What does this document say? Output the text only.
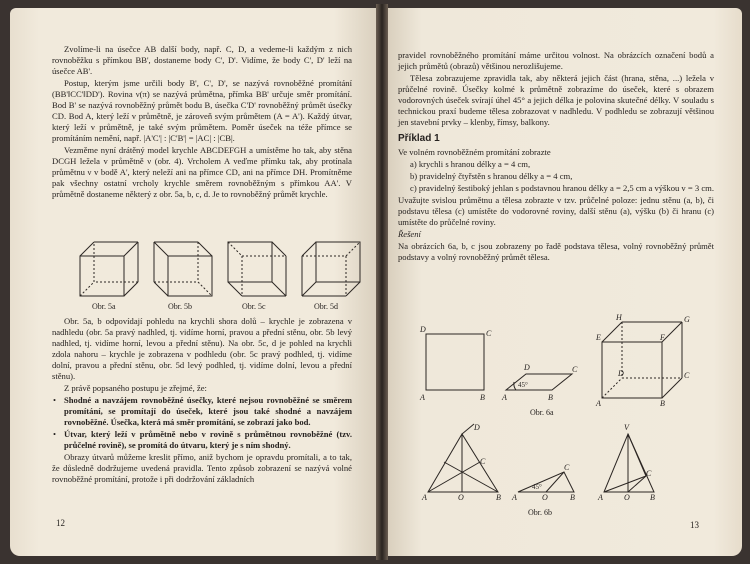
Zvolíme-li na úsečce AB další body, např. C, D, a vedeme-li každým z nich rovnoběžku s přímkou BB', dostaneme body C', D'. Vidíme, že body C', D' leží na úsečce AB'.

Postup, kterým jsme určili body B', C', D', se nazývá rovnoběžné promítání (BB'‖CC'‖DD'). Rovina ν(π) se nazývá průmětna, přímka BB' určuje směr promítání. Bod B' se nazývá rovnoběžný průmět bodu B, úsečka C'D' rovnoběžný průmět úsečky CD. Bod A, který leží v průmětně, je zároveň svým průmětem (A = A'). Každý útvar, který leží v průmětně, je také svým průmětem. Poměr úseček na téže přímce se promítáním nemění, např. |A'C'| : |C'B'| = |AC| : |CB|.

Vezměme nyní drátěný model krychle ABCDEFGH a umístěme ho tak, aby stěna DCGH ležela v průmětně ν (obr. 4). Vrcholem A veďme přímku tak, aby protínala průmětnu ν v bodě A', který neleží ani na přímce CD, ani na přímce DH. Promítněme pak všechny ostatní vrcholy krychle směrem rovnoběžným s přímkou AA'. V průmětně dostaneme některý z obr. 5a, b, c, d. Je to rovnoběžný průmět krychle.

Obr. 5a	Obr. 5b	Obr. 5c	Obr. 5d

Obr. 5a, b odpovídají pohledu na krychli shora dolů – krychle je zobrazena v nadhledu (obr. 5a pravý nadhled, tj. vidíme horní, pravou a přední stěnu, obr. 5b levý nadhled, tj. vidíme horní, levou a přední stěnu). Na obr. 5c, d je pohled na krychli zdola nahoru – krychle je zobrazena v podhledu (obr. 5c pravý podhled, tj. vidíme dolní, pravou a přední stěnu, obr. 5d levý podhled, tj. vidíme dolní, levou a přední stěnu).

Z právě popsaného postupu je zřejmé, že:

• Shodné a navzájem rovnoběžné úsečky, které nejsou rovnoběžné se směrem promítání, se promítají do úseček, které jsou také shodné a navzájem rovnoběžné. Úsečka, která má směr promítání, se zobrazí jako bod.

• Útvar, který leží v průmětně nebo v rovině s průmětnou rovnoběžné (tzv. průčelné rovině), se promítá do útvaru, který je s ním shodný.

Obrazy útvarů můžeme kreslit přímo, aniž bychom je opravdu promítali, a to tak, že důsledně dodržujeme uvedená pravidla. Tento způsob zobrazení se nazývá volné rovnoběžné promítání, protože i při dodržování základních

12

pravidel rovnoběžného promítání máme určitou volnost. Na obrázcích označení bodů a jejich průmětů (obrazů) většinou nerozlišujeme.

Tělesa zobrazujeme zpravidla tak, aby některá jejich část (hrana, stěna, ...) ležela v průčelné rovině. Úsečky kolmé k průmětně zobrazíme do úseček, které s obrazem vodorovných úseček svírají úhel 45° a jejich délka je polovina skutečné délky. V souladu s technickou praxí budeme tělesa zobrazovat v nadhledu. V podhledu se zobrazují většinou jen stavební prvky – klenby, římsy, balkony.

Příklad 1

Ve volném rovnoběžném promítání zobrazte

a) krychli s hranou délky a = 4 cm,

b) pravidelný čtyřstěn s hranou délky a = 4 cm,

c) pravidelný šestiboký jehlan s podstavnou hranou délky a = 2,5 cm a výškou v = 3 cm.

Uvažujte svislou průmětnu a tělesa zobrazte v tzv. průčelné poloze: jednu stěnu (a, b), či podstavu tělesa (c) umístěte do vodorovné roviny, další stěnu (a), výšku (b) či hranu (c) umístěte do průčelné roviny.

Řešení

Na obrázcích 6a, b, c jsou zobrazeny po řadě podstava tělesa, volný rovnoběžný průmět podstavy a volný rovnoběžný průmět tělesa.

D	C
A	B
D	C
A	B
E	F
H	G
A	B
D	C
45°
Obr. 6a
A	O	B
D
C
A	O	B
C
A	O	B
V
C
45°
Obr. 6b
13
